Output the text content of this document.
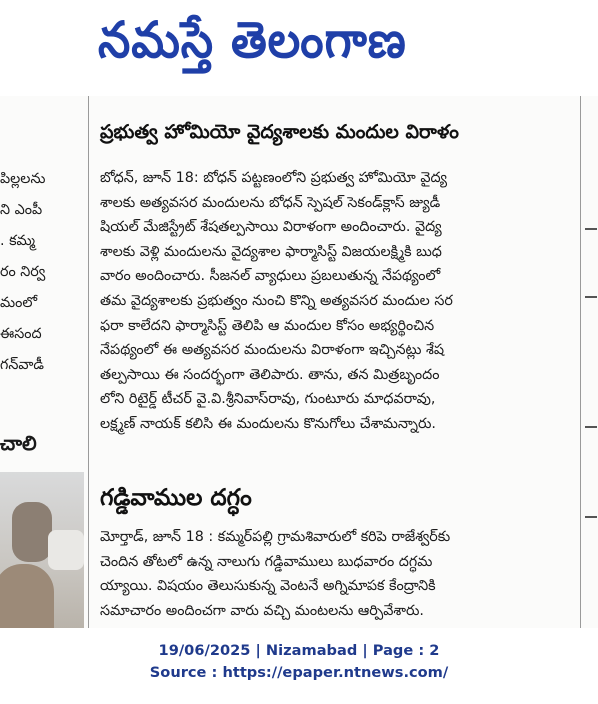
నమస్తే తెలంగాణ
పిల్లలను
ని ఎంపీ
. కమ్మ
రం నిర్వ
మంలో
ఈసంద
గన్‌వాడీ
చాలి
ప్రభుత్వ హోమియో వైద్యశాలకు మందుల విరాళం
బోధన్‌, జూన్‌ 18: బోధన్‌ పట్టణంలోని ప్రభుత్వ హోమియో వైద్య
శాలకు అత్యవసర మందులను బోధన్‌ స్పెషల్‌ సెకండ్‌క్లాస్‌ జ్యుడీ
షియల్‌ మేజిస్ట్రేట్‌ శేషతల్పసాయి విరాళంగా అందించారు. వైద్య
శాలకు వెళ్లి మందులను వైద్యశాల ఫార్మాసిస్ట్‌ విజయలక్ష్మికి బుధ
వారం అందించారు. సీజనల్‌ వ్యాధులు ప్రబలుతున్న నేపథ్యంలో
తమ వైద్యశాలకు ప్రభుత్వం నుంచి కొన్ని అత్యవసర మందుల సర
ఫరా కాలేదని ఫార్మాసిస్ట్‌ తెలిపి ఆ మందుల కోసం అభ్యర్థించిన
నేపథ్యంలో ఈ అత్యవసర మందులను విరాళంగా ఇచ్చినట్లు శేష
తల్పసాయి ఈ సందర్భంగా తెలిపారు. తాను, తన మిత్రబృందం
లోని రిటైర్డ్‌ టీచర్‌ వై.వి.శ్రీనివాస్‌రావు, గుంటూరు మాధవరావు,
లక్ష్మణ్‌ నాయక్‌ కలిసి ఈ మందులను కొనుగోలు చేశామన్నారు.
గడ్డివాముల దగ్ధం
మోర్తాడ్‌, జూన్‌ 18 : కమ్మర్‌పల్లి గ్రామశివారులో కరిపె రాజేశ్వర్‌కు
చెందిన తోటలో ఉన్న నాలుగు గడ్డివాములు బుధవారం దగ్ధమ
య్యాయి. విషయం తెలుసుకున్న వెంటనే అగ్నిమాపక కేంద్రానికి
సమాచారం అందించగా వారు వచ్చి మంటలను ఆర్పివేశారు.
19/06/2025 | Nizamabad | Page : 2
Source : https://epaper.ntnews.com/
